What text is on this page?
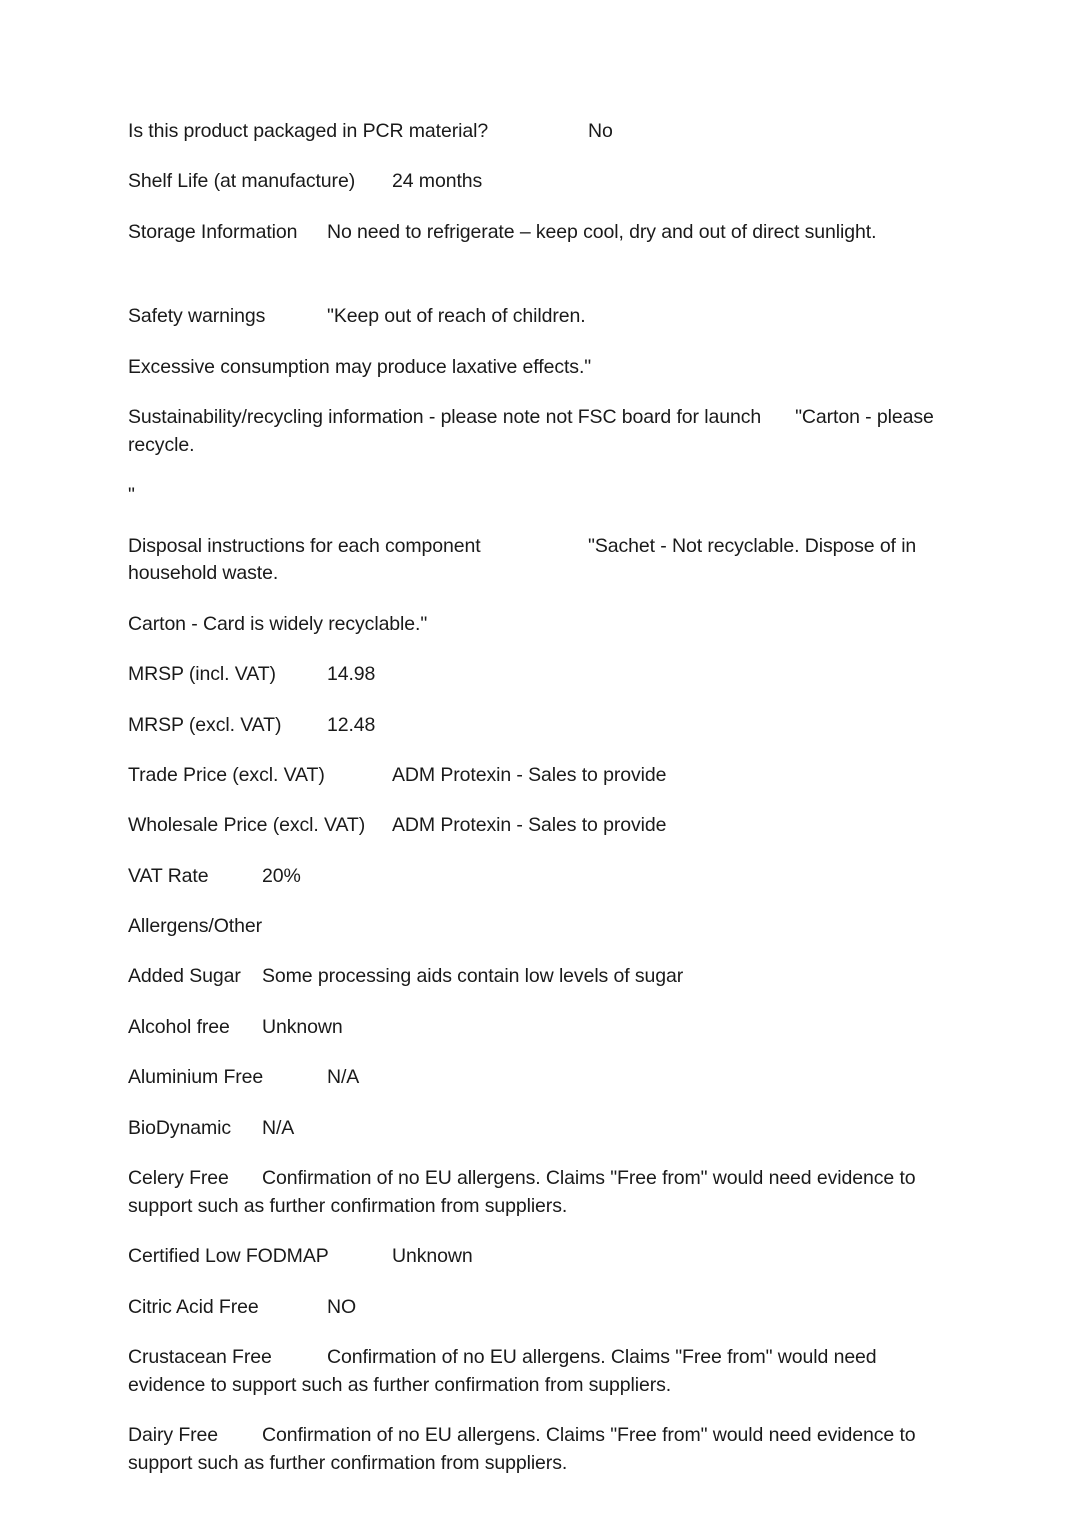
Is this product packaged in PCR material?	No

Shelf Life (at manufacture) 24 months

Storage Information No need to refrigerate – keep cool, dry and out of direct sunlight.

Safety warnings	"Keep out of reach of children.

Excessive consumption may produce laxative effects."

Sustainability/recycling information - please note not FSC board for launch "Carton - please recycle.

"

Disposal instructions for each component	"Sachet - Not recyclable. Dispose of in household waste.

Carton - Card is widely recyclable."

MRSP (incl. VAT)	14.98

MRSP (excl. VAT) 12.48

Trade Price (excl. VAT)	ADM Protexin - Sales to provide

Wholesale Price (excl. VAT) ADM Protexin - Sales to provide

VAT Rate	20%

Allergens/Other

Added Sugar Some processing aids contain low levels of sugar

Alcohol free Unknown

Aluminium Free	N/A

BioDynamic N/A

Celery Free Confirmation of no EU allergens. Claims "Free from" would need evidence to support such as further confirmation from suppliers.

Certified Low FODMAP	Unknown

Citric Acid Free	NO

Crustacean Free	Confirmation of no EU allergens. Claims "Free from" would need evidence to support such as further confirmation from suppliers.

Dairy Free Confirmation of no EU allergens. Claims "Free from" would need evidence to support such as further confirmation from suppliers.
